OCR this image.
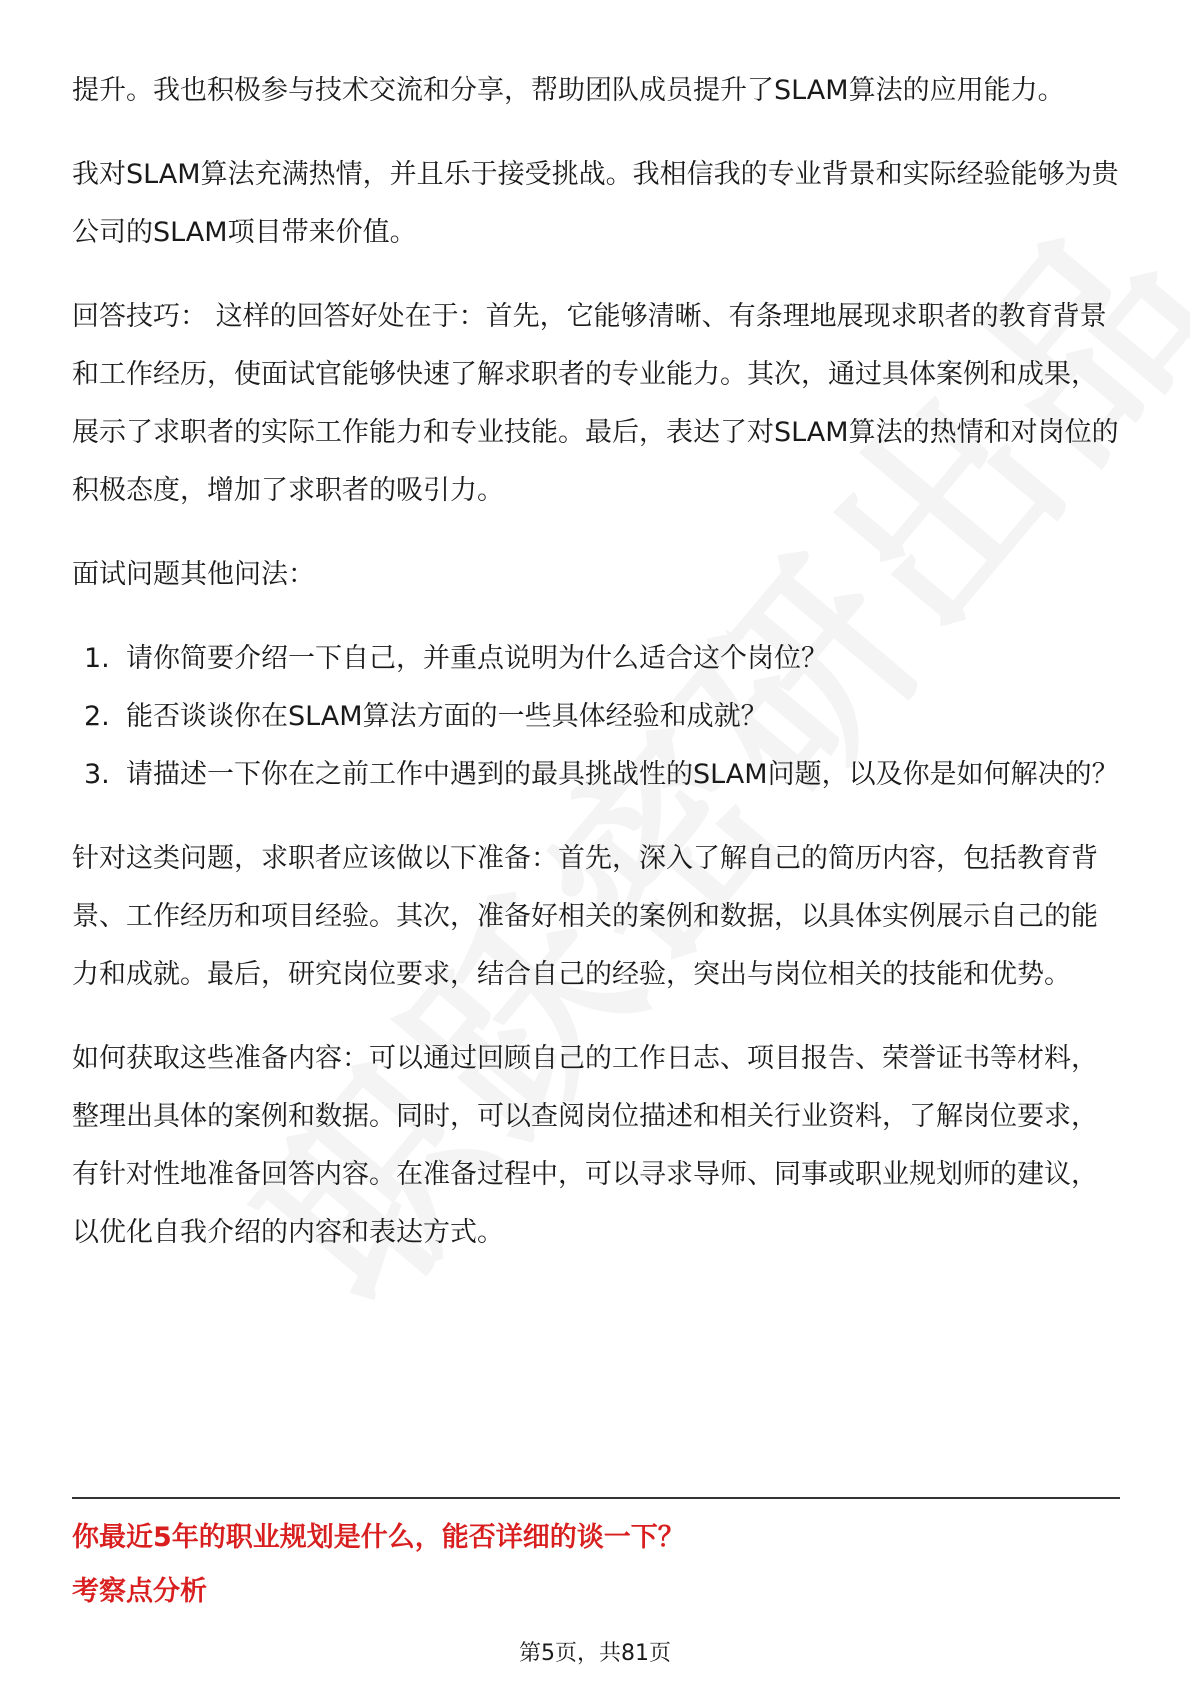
提升。我也积极参与技术交流和分享，帮助团队成员提升了SLAM算法的应用能力。

我对SLAM算法充满热情，并且乐于接受挑战。我相信我的专业背景和实际经验能够为贵公司的SLAM项目带来价值。

回答技巧： 这样的回答好处在于：首先，它能够清晰、有条理地展现求职者的教育背景和工作经历，使面试官能够快速了解求职者的专业能力。其次，通过具体案例和成果，展示了求职者的实际工作能力和专业技能。最后，表达了对SLAM算法的热情和对岗位的积极态度，增加了求职者的吸引力。

面试问题其他问法：
1. 请你简要介绍一下自己，并重点说明为什么适合这个岗位？
2. 能否谈谈你在SLAM算法方面的一些具体经验和成就？
3. 请描述一下你在之前工作中遇到的最具挑战性的SLAM问题，以及你是如何解决的？

针对这类问题，求职者应该做以下准备：首先，深入了解自己的简历内容，包括教育背景、工作经历和项目经验。其次，准备好相关的案例和数据，以具体实例展示自己的能力和成就。最后，研究岗位要求，结合自己的经验，突出与岗位相关的技能和优势。

如何获取这些准备内容：可以通过回顾自己的工作日志、项目报告、荣誉证书等材料，整理出具体的案例和数据。同时，可以查阅岗位描述和相关行业资料，了解岗位要求，有针对性地准备回答内容。在准备过程中，可以寻求导师、同事或职业规划师的建议，以优化自我介绍的内容和表达方式。

你最近5年的职业规划是什么，能否详细的谈一下？
考察点分析
第5页，共81页
